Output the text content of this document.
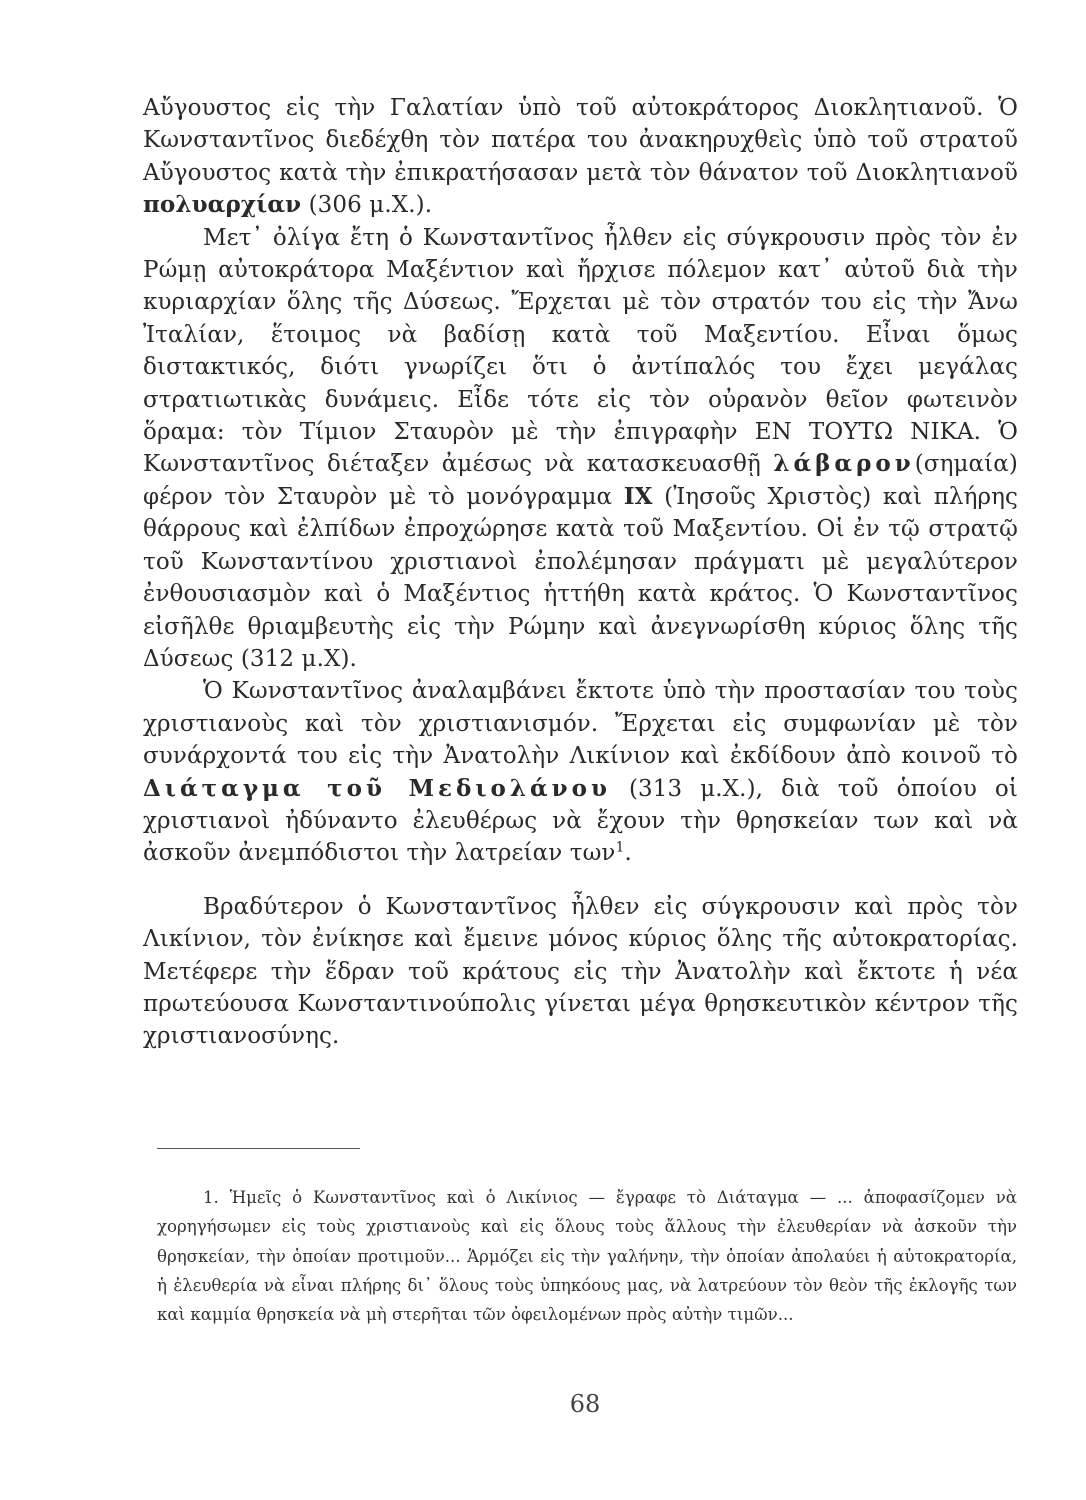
Αὔγουστος εἰς τὴν Γαλατίαν ὑπὸ τοῦ αὐτοκράτορος Διοκλητιανοῦ. Ὁ Κωνσταντῖνος διεδέχθη τὸν πατέρα του ἀνακηρυχθεὶς ὑπὸ τοῦ στρατοῦ Αὔγουστος κατὰ τὴν ἐπικρατήσασαν μετὰ τὸν θάνατον τοῦ Διοκλητιανοῦ πολυαρχίαν (306 μ.Χ.).

Μετ᾽ ὀλίγα ἔτη ὁ Κωνσταντῖνος ἦλθεν εἰς σύγκρουσιν πρὸς τὸν ἐν Ρώμῃ αὐτοκράτορα Μαξέντιον καὶ ἤρχισε πόλεμον κατ᾽ αὐτοῦ διὰ τὴν κυριαρχίαν ὅλης τῆς Δύσεως. Ἔρχεται μὲ τὸν στρατόν του εἰς τὴν Ἄνω Ἰταλίαν, ἕτοιμος νὰ βαδίσῃ κατὰ τοῦ Μαξεντίου. Εἶναι ὅμως διστακτικός, διότι γνωρίζει ὅτι ὁ ἀντίπαλός του ἔχει μεγάλας στρατιωτικὰς δυνάμεις. Εἶδε τότε εἰς τὸν οὐρανὸν θεῖον φωτεινὸν ὅραμα: τὸν Τίμιον Σταυρὸν μὲ τὴν ἐπιγραφὴν ΕΝ ΤΟΥΤΩ ΝΙΚΑ. Ὁ Κωνσταντῖνος διέταξεν ἀμέσως νὰ κατασκευασθῇ λάβαρον(σημαία) φέρον τὸν Σταυρὸν μὲ τὸ μονόγραμμα ΙΧ (Ἰησοῦς Χριστὸς) καὶ πλήρης θάρρους καὶ ἐλπίδων ἐπροχώρησε κατὰ τοῦ Μαξεντίου. Οἱ ἐν τῷ στρατῷ τοῦ Κωνσταντίνου χριστιανοὶ ἐπολέμησαν πράγματι μὲ μεγαλύτερον ἐνθουσιασμὸν καὶ ὁ Μαξέντιος ἡττήθη κατὰ κράτος. Ὁ Κωνσταντῖνος εἰσῆλθε θριαμβευτὴς εἰς τὴν Ρώμην καὶ ἀνεγνωρίσθη κύριος ὅλης τῆς Δύσεως (312 μ.Χ).

Ὁ Κωνσταντῖνος ἀναλαμβάνει ἔκτοτε ὑπὸ τὴν προστασίαν του τοὺς χριστιανοὺς καὶ τὸν χριστιανισμόν. Ἔρχεται εἰς συμφωνίαν μὲ τὸν συνάρχοντά του εἰς τὴν Ἀνατολὴν Λικίνιον καὶ ἐκδίδουν ἀπὸ κοινοῦ τὸ Διάταγμα τοῦ Μεδιολάνου (313 μ.Χ.), διὰ τοῦ ὁποίου οἱ χριστιανοὶ ἠδύναντο ἐλευθέρως νὰ ἔχουν τὴν θρησκείαν των καὶ νὰ ἀσκοῦν ἀνεμπόδιστοι τὴν λατρείαν των$^1$.

Βραδύτερον ὁ Κωνσταντῖνος ἦλθεν εἰς σύγκρουσιν καὶ πρὸς τὸν Λικίνιον, τὸν ἐνίκησε καὶ ἔμεινε μόνος κύριος ὅλης τῆς αὐτοκρατορίας. Μετέφερε τὴν ἕδραν τοῦ κράτους εἰς τὴν Ἀνατολὴν καὶ ἔκτοτε ἡ νέα πρωτεύουσα Κωνσταντινούπολις γίνεται μέγα θρησκευτικὸν κέντρον τῆς χριστιανοσύνης.

1. Ἡμεῖς ὁ Κωνσταντῖνος καὶ ὁ Λικίνιος — ἔγραφε τὸ Διάταγμα — ... ἀποφασίζομεν νὰ χορηγήσωμεν εἰς τοὺς χριστιανοὺς καὶ εἰς ὅλους τοὺς ἄλλους τὴν ἐλευθερίαν νὰ ἀσκοῦν τὴν θρησκείαν, τὴν ὁποίαν προτιμοῦν... Ἁρμόζει εἰς τὴν γαλήνην, τὴν ὁποίαν ἀπολαύει ἡ αὐτοκρατορία, ἡ ἐλευθερία νὰ εἶναι πλήρης δι᾽ ὅλους τοὺς ὑπηκόους μας, νὰ λατρεύουν τὸν θεὸν τῆς ἐκλογῆς των καὶ καμμία θρησκεία νὰ μὴ στερῆται τῶν ὀφειλομένων πρὸς αὐτὴν τιμῶν...
68
